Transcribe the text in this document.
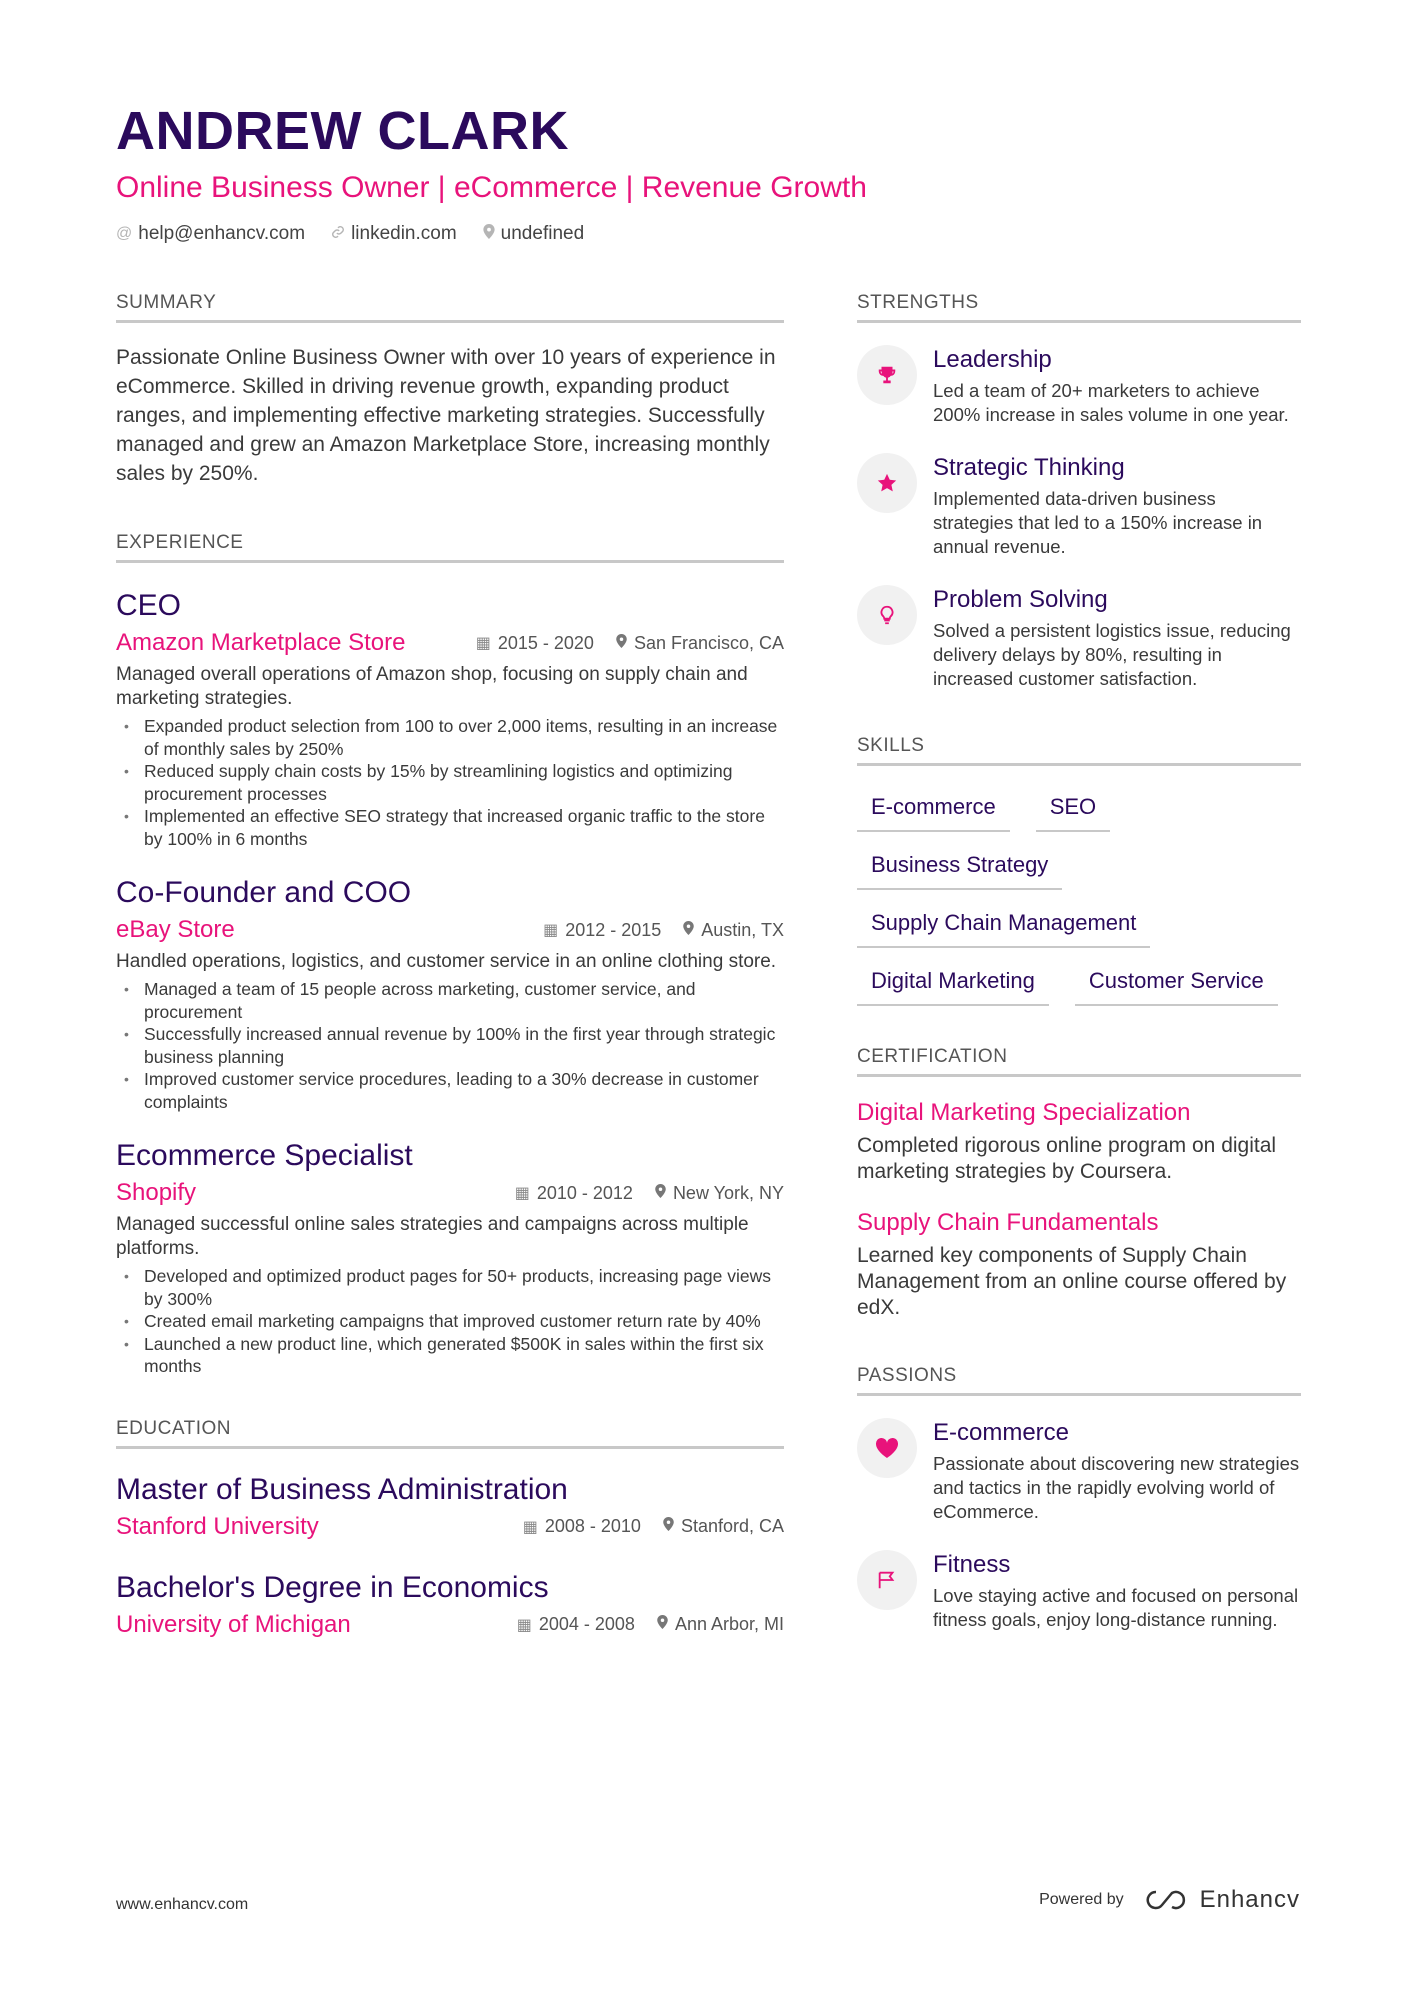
ANDREW CLARK
Online Business Owner | eCommerce | Revenue Growth
@ help@enhancv.com linkedin.com undefined
SUMMARY
Passionate Online Business Owner with over 10 years of experience in eCommerce. Skilled in driving revenue growth, expanding product ranges, and implementing effective marketing strategies. Successfully managed and grew an Amazon Marketplace Store, increasing monthly sales by 250%.
EXPERIENCE
CEO
Amazon Marketplace Store	▦ 2015 - 2020 San Francisco, CA
Managed overall operations of Amazon shop, focusing on supply chain and marketing strategies.
• Expanded product selection from 100 to over 2,000 items, resulting in an increase of monthly sales by 250%
• Reduced supply chain costs by 15% by streamlining logistics and optimizing procurement processes
• Implemented an effective SEO strategy that increased organic traffic to the store by 100% in 6 months
Co-Founder and COO
eBay Store	▦ 2012 - 2015 Austin, TX
Handled operations, logistics, and customer service in an online clothing store.
• Managed a team of 15 people across marketing, customer service, and procurement
• Successfully increased annual revenue by 100% in the first year through strategic business planning
• Improved customer service procedures, leading to a 30% decrease in customer complaints
Ecommerce Specialist
Shopify	▦ 2010 - 2012 New York, NY
Managed successful online sales strategies and campaigns across multiple platforms.
• Developed and optimized product pages for 50+ products, increasing page views by 300%
• Created email marketing campaigns that improved customer return rate by 40%
• Launched a new product line, which generated $500K in sales within the first six months
EDUCATION
Master of Business Administration
Stanford University	▦ 2008 - 2010 Stanford, CA
Bachelor's Degree in Economics
University of Michigan	▦ 2004 - 2008 Ann Arbor, MI
STRENGTHS
Leadership
Led a team of 20+ marketers to achieve 200% increase in sales volume in one year.
Strategic Thinking
Implemented data-driven business strategies that led to a 150% increase in annual revenue.
Problem Solving
Solved a persistent logistics issue, reducing delivery delays by 80%, resulting in increased customer satisfaction.
SKILLS
E-commerce	SEO
Business Strategy
Supply Chain Management
Digital Marketing	Customer Service
CERTIFICATION
Digital Marketing Specialization
Completed rigorous online program on digital marketing strategies by Coursera.
Supply Chain Fundamentals
Learned key components of Supply Chain Management from an online course offered by edX.
PASSIONS
E-commerce
Passionate about discovering new strategies and tactics in the rapidly evolving world of eCommerce.
Fitness
Love staying active and focused on personal fitness goals, enjoy long-distance running.
www.enhancv.com	Powered by	Enhancv
